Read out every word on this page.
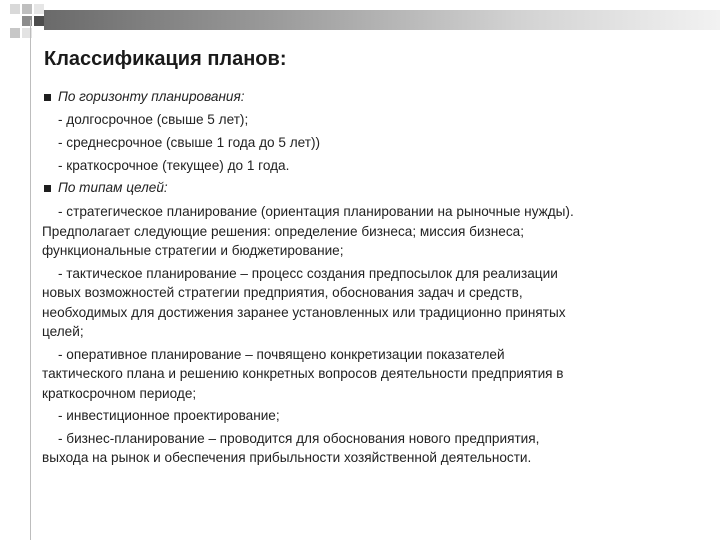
Классификация планов:
По горизонту планирования:
- долгосрочное (свыше 5 лет);
- среднесрочное (свыше 1 года до 5 лет))
- краткосрочное (текущее) до 1 года.
По типам целей:
- стратегическое планирование (ориентация планировании на рыночные нужды).
Предполагает следующие решения: определение бизнеса; миссия бизнеса;
функциональные стратегии и бюджетирование;
- тактическое планирование – процесс создания предпосылок для реализации
новых возможностей стратегии предприятия, обоснования задач и средств,
необходимых для достижения заранее установленных или традиционно принятых
целей;
- оперативное планирование – почвящено конкретизации показателей
тактического плана и решению конкретных вопросов деятельности предприятия в
краткосрочном периоде;
- инвестиционное проектирование;
- бизнес-планирование – проводится для обоснования нового предприятия,
выхода на рынок и обеспечения прибыльности хозяйственной деятельности.
